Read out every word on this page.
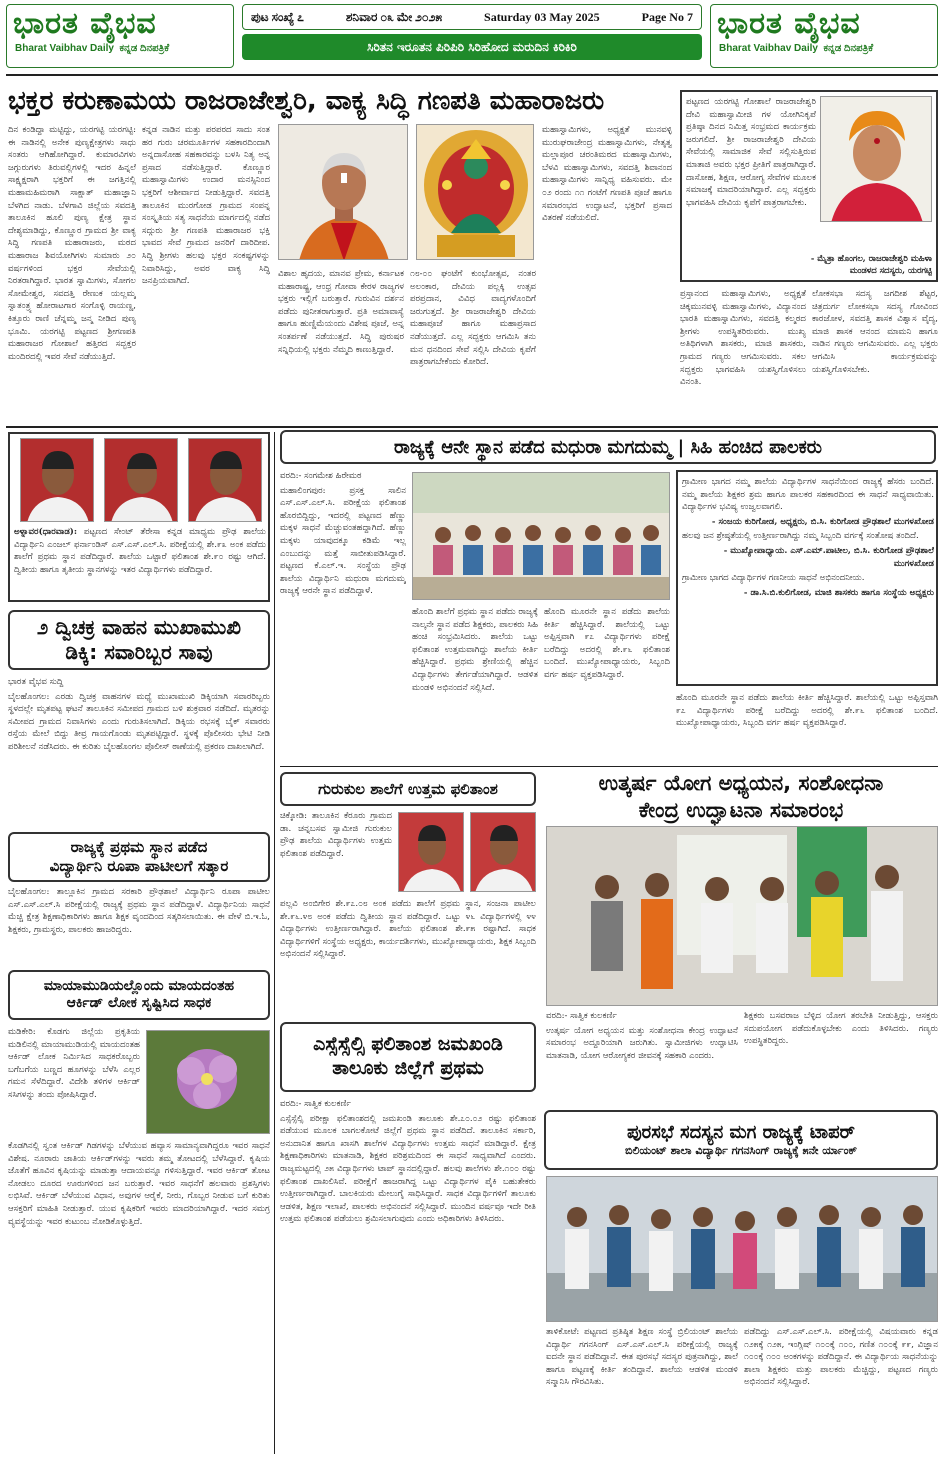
ಭಾರತ ವೈಭವ
Bharat Vaibhav Daily ಕನ್ನಡ ದಿನಪತ್ರಿಕೆ
ಪುಟ ಸಂಖ್ಯೆ ೭	ಶನಿವಾರ ೦೩ ಮೇ ೨೦೨೫	Saturday 03 May 2025	Page No 7
ಸಿರಿತನ ಇರೂತನ ಪಿರಿಪಿರಿ ಸಿರಿಹೋದ ಮರುದಿನ ಕಿರಿಕಿರಿ
ಭಾರತ ವೈಭವ
Bharat Vaibhav Daily ಕನ್ನಡ ದಿನಪತ್ರಿಕೆ
ಭಕ್ತರ ಕರುಣಾಮಯ ರಾಜರಾಜೇಶ್ವರಿ, ವಾಕ್ಯ ಸಿದ್ಧಿ ಗಣಪತಿ ಮಹಾರಾಜರು
ದಿನ ಕಂಡಿದ್ದಾ ಮಟ್ಟಿದ್ದು, ಯರಗಟ್ಟಿ ಯರಗಟ್ಟಿ: ಈ ನಾಡಿನಲ್ಲಿ ಅನೇಕ ಪುಣ್ಯಕ್ಷೇತ್ರಗಳು ಸಾಧು ಸಂತರು ಆಗಿಹೋಗಿದ್ದಾರೆ. ಕುಮಾರವಿಗಳು ಜಗ್ಗುರುಗಳು ತಿರುವಲ್ಲಿಗಳಲ್ಲಿ ಇದರ ಹಿನ್ನಲೆ ಸಾಕ್ಷ್ಯಕ್ಷರಾಗಿ ಭಕ್ತರಿಗೆ ಈ ಜಗತ್ತಿನಲ್ಲಿ ಮಹಾಮಹಿಮರಾಗಿ ಸಾಕ್ಷಾತ್ ಮಹಾಜ್ಞಾನಿ ಬೆಳಗಿದ ನಾಡು. ಬೆಳಗಾವಿ ಜಿಲ್ಲೆಯ ಸವದತ್ತಿ ತಾಲೂಕಿನ ಹೂಲಿ ಪುಣ್ಯ ಕ್ಷೇತ್ರ ಸ್ಥಾನ ದೇಶ್ಯಮಾಡಿದ್ದು, ಕೊಣ್ಣೂರ ಗ್ರಾಮದ ಶ್ರೀ ವಾಕ್ಯ ಸಿದ್ಧಿ ಗಣಪತಿ ಮಹಾರಾಜರು, ಮಠದ ಮಹಾರಾಜ ಶಿವಯೋಗಿಗಳು ಸುಮಾರು ೨೦ ವರ್ಷಗಳಿಂದ ಭಕ್ತರ ಸೇವೆಯಲ್ಲಿ ನಿರತರಾಗಿದ್ದಾರೆ. ಭಾರತ ಸ್ವಾಮಿಗಳು, ಸೋಗಲ ಸೋಮೇಶ್ವರ, ಸವದತ್ತಿ ರೇಣುಕ ಯಲ್ಲಮ್ಮ ಸ್ವಾತಂತ್ರ್ಯ ಹೋರಾಟಗಾರ ಸಂಗೊಳ್ಳಿ ರಾಯಣ್ಣ, ಕಿತ್ತೂರು ರಾಣಿ ಚೆನ್ನಮ್ಮ ಜನ್ಮ ನೀಡಿದ ಪುಣ್ಯ ಭೂಮಿ. ಯರಗಟ್ಟಿ ಪಟ್ಟಣದ ಶ್ರೀಗಣಪತಿ ಮಹಾರಾಜರ ಗೋಶಾಲೆ ಹತ್ತಿರದ ಸದ್ಭಕ್ತರ ಮಂದಿರದಲ್ಲಿ ಇವರ ಸೇವೆ ನಡೆಯುತ್ತಿದೆ.
ಕನ್ನಡ ನಾಡಿನ ಮತ್ತು ಪರಪರದ ಸಾದು ಸಂತ ಹರ ಗುರು ಚರಮೂರ್ತಿಗಳ ಸಹಕಾರದಿಂದಾಗಿ ಅನ್ನದಾಸೋಹ ಸಹಕಾರವನ್ನು ಬಳಸಿ ನಿತ್ಯ ಅನ್ನ ಪ್ರಸಾದ ನಡೆಸುತ್ತಿದ್ದಾರೆ. ಕೊಣ್ಣೂರ ಮಹಾಸ್ವಾಮಿಗಳು ಉದಾರ ಮನಸ್ಸಿನಿಂದ ಭಕ್ತರಿಗೆ ಆಶೀರ್ವಾದ ನೀಡುತ್ತಿದ್ದಾರೆ. ಸವದತ್ತಿ ತಾಲೂಕಿನ ಮುರಗೋಡ ಗ್ರಾಮದ ಸಂಪನ್ನ ಸಂಸ್ಕೃತಿಯ ಸತ್ಯ ಸಾಧನೆಯ ಮಾರ್ಗದಲ್ಲಿ ನಡೆದ ಸದ್ಗುರು ಶ್ರೀ ಗಣಪತಿ ಮಹಾರಾಜರ ಭಕ್ತಿ ಭಾವದ ಸೇವೆ ಗ್ರಾಮದ ಜನರಿಗೆ ದಾರಿದೀಪ. ಸಿದ್ಧಿ ಶ್ರೀಗಳು ಹಲವು ಭಕ್ತರ ಸಂಕಷ್ಟಗಳನ್ನು ನಿವಾರಿಸಿದ್ದು, ಅವರ ವಾಕ್ಯ ಸಿದ್ಧಿ ಜನಪ್ರಿಯವಾಗಿದೆ.
ವಿಶಾಲ ಹೃದಯ, ಮಾನವ ಪ್ರೇಮ, ಕರ್ನಾಟಕ ಮಹಾರಾಷ್ಟ್ರ, ಆಂಧ್ರ ಗೋವಾ ಕೇರಳ ರಾಜ್ಯಗಳ ಭಕ್ತರು ಇಲ್ಲಿಗೆ ಬರುತ್ತಾರೆ. ಗುರುವಿನ ದರ್ಶನ ಪಡೆದು ಪುನೀತರಾಗುತ್ತಾರೆ. ಪ್ರತಿ ಅಮಾವಾಸ್ಯೆ ಹಾಗೂ ಹುಣ್ಣಿಮೆಯಂದು ವಿಶೇಷ ಪೂಜೆ, ಅನ್ನ ಸಂತರ್ಪಣೆ ನಡೆಯುತ್ತದೆ. ಸಿದ್ಧಿ ಪುರುಷರ ಸನ್ನಿಧಿಯಲ್ಲಿ ಭಕ್ತರು ನೆಮ್ಮದಿ ಕಾಣುತ್ತಿದ್ದಾರೆ.
೧೮-೦೦ ಘಂಟೆಗೆ ಕುಂಭೋತ್ಸವ, ನಂತರ ಅಲಂಕಾರ, ದೇವಿಯ ಪಲ್ಲಕ್ಕಿ ಉತ್ಸವ ಪರಪ್ರದಾನ, ವಿವಿಧ ವಾದ್ಯಗಳೊಂದಿಗೆ ಜರುಗುತ್ತದೆ. ಶ್ರೀ ರಾಜರಾಜೇಶ್ವರಿ ದೇವಿಯ ಮಹಾಪೂಜೆ ಹಾಗೂ ಮಹಾಪ್ರಸಾದ ನಡೆಯುತ್ತದೆ. ಎಲ್ಲ ಸದ್ಭಕ್ತರು ಆಗಮಿಸಿ ತನು ಮನ ಧನದಿಂದ ಸೇವೆ ಸಲ್ಲಿಸಿ ದೇವಿಯ ಕೃಪೆಗೆ ಪಾತ್ರರಾಗಬೇಕೆಂದು ಕೋರಿದೆ.
ಮಹಾಸ್ವಾಮಿಗಳು, ಅಧ್ಯಕ್ಷತೆ ಮುನವಳ್ಳಿ ಮುರುಘರಾಜೇಂದ್ರ ಮಹಾಸ್ವಾಮಿಗಳು, ನೇತೃತ್ವ ಮಲ್ಲಾಪೂರ ಚರಂತಿಮಠದ ಮಹಾಸ್ವಾಮಿಗಳು, ಬೆಳವಿ ಮಹಾಸ್ವಾಮಿಗಳು, ಸವದತ್ತಿ ಶಿವಾನಂದ ಮಹಾಸ್ವಾಮಿಗಳು ಸಾನ್ನಿಧ್ಯ ವಹಿಸುವರು. ಮೇ ೦೨ ರಂದು ೧೧ ಗಂಟೆಗೆ ಗಣಪತಿ ಪೂಜೆ ಹಾಗೂ ಸಮಾರಂಭದ ಉದ್ಘಾಟನೆ, ಭಕ್ತರಿಗೆ ಪ್ರಸಾದ ವಿತರಣೆ ನಡೆಯಲಿದೆ.
ಪಟ್ಟಣದ ಯರಗಟ್ಟಿ ಗೋಶಾಲೆ ರಾಜರಾಜೇಶ್ವರಿ ದೇವಿ ಮಹಾಸ್ವಾಮೀಜಿ ಗಳ ಯೋಗಿನಿಕೃಪೆ ಪ್ರತಿಷ್ಠಾ ದಿನದ ನಿಮಿತ್ತ ಸಂಭ್ರಮದ ಕಾರ್ಯಕ್ರಮ ಜರುಗಲಿದೆ. ಶ್ರೀ ರಾಜರಾಜೇಶ್ವರಿ ದೇವಿಯ ಸೇವೆಯಲ್ಲಿ ಸಾಮಾಜಿಕ ಸೇವೆ ಸಲ್ಲಿಸುತ್ತಿರುವ ಮಾತಾಜಿ ಅವರು ಭಕ್ತರ ಪ್ರೀತಿಗೆ ಪಾತ್ರರಾಗಿದ್ದಾರೆ. ದಾಸೋಹ, ಶಿಕ್ಷಣ, ಆರೋಗ್ಯ ಸೇವೆಗಳ ಮೂಲಕ ಸಮಾಜಕ್ಕೆ ಮಾದರಿಯಾಗಿದ್ದಾರೆ. ಎಲ್ಲ ಸದ್ಭಕ್ತರು ಭಾಗವಹಿಸಿ ದೇವಿಯ ಕೃಪೆಗೆ ಪಾತ್ರರಾಗಬೇಕು.
- ಮೈತ್ರಾ ಹೊಂಗಲ, ರಾಜರಾಜೇಶ್ವರಿ ಮಹಿಳಾ
ಮಂಡಳದ ಸದಸ್ಯರು, ಯರಗಟ್ಟಿ
ಪ್ರಸ್ತಾನಂದ ಮಹಾಸ್ವಾಮಿಗಳು, ಅಧ್ಯಕ್ಷತೆ ಚಿಕ್ಕಮುನವಳ್ಳಿ ಮಹಾಸ್ವಾಮಿಗಳು, ವಿದ್ಯಾನಂದ ಭಾರತಿ ಮಹಾಸ್ವಾಮಿಗಳು, ಸವದತ್ತಿ ಕಲ್ಮಠದ ಶ್ರೀಗಳು ಉಪಸ್ಥಿತರಿರುವರು. ಮುಖ್ಯ ಅತಿಥಿಗಳಾಗಿ ಶಾಸಕರು, ಮಾಜಿ ಶಾಸಕರು, ಗ್ರಾಮದ ಗಣ್ಯರು ಆಗಮಿಸುವರು. ಸಕಲ ಸದ್ಭಕ್ತರು ಭಾಗವಹಿಸಿ ಯಶಸ್ವಿಗೊಳಿಸಲು ವಿನಂತಿ.
ಲೋಕಸಭಾ ಸದಸ್ಯ ಜಗದೀಶ ಶೆಟ್ಟರ, ಚಿತ್ರದುರ್ಗ ಲೋಕಸಭಾ ಸದಸ್ಯ ಗೋವಿಂದ ಕಾರಜೋಳ, ಸವದತ್ತಿ ಶಾಸಕ ವಿಶ್ವಾಸ ವೈದ್ಯ, ಮಾಜಿ ಶಾಸಕ ಆನಂದ ಮಾಮನಿ ಹಾಗೂ ನಾಡಿನ ಗಣ್ಯರು ಆಗಮಿಸುವರು. ಎಲ್ಲ ಭಕ್ತರು ಆಗಮಿಸಿ ಕಾರ್ಯಕ್ರಮವನ್ನು ಯಶಸ್ವಿಗೊಳಿಸಬೇಕು.
ಅಳ್ನಾವರ(ಧಾರವಾಡ): ಪಟ್ಟಣದ ಸೇಂಟ್ ತೆರೇಸಾ ಕನ್ನಡ ಮಾಧ್ಯಮ ಪ್ರೌಢ ಶಾಲೆಯ ವಿದ್ಯಾರ್ಥಿನಿ ಎಂಜಲ್ ಫರ್ನಾಂಡಿಸ್ ಎಸ್.ಎಸ್.ಎಲ್.ಸಿ. ಪರೀಕ್ಷೆಯಲ್ಲಿ ಶೇ.೯೩ ಅಂಕ ಪಡೆದು ಶಾಲೆಗೆ ಪ್ರಥಮ ಸ್ಥಾನ ಪಡೆದಿದ್ದಾರೆ. ಶಾಲೆಯ ಒಟ್ಟಾರೆ ಫಲಿತಾಂಶ ಶೇ.೯೦ ರಷ್ಟು ಆಗಿದೆ. ದ್ವಿತೀಯ ಹಾಗೂ ತೃತೀಯ ಸ್ಥಾನಗಳನ್ನು ಇತರ ವಿದ್ಯಾರ್ಥಿಗಳು ಪಡೆದಿದ್ದಾರೆ.
೨ ದ್ವಿಚಕ್ರ ವಾಹನ ಮುಖಾಮುಖಿ
ಡಿಕ್ಕಿ: ಸವಾರಿಬ್ಬರ ಸಾವು

ಭಾರತ ವೈಭವ ಸುದ್ದಿ

ಬೈಲಹೊಂಗಲ: ಎರಡು ದ್ವಿಚಕ್ರ ವಾಹನಗಳ ಮಧ್ಯೆ ಮುಖಾಮುಖಿ ಡಿಕ್ಕಿಯಾಗಿ ಸವಾರರಿಬ್ಬರು ಸ್ಥಳದಲ್ಲೇ ಮೃತಪಟ್ಟ ಘಟನೆ ತಾಲೂಕಿನ ಸಮೀಪದ ಗ್ರಾಮದ ಬಳಿ ಶುಕ್ರವಾರ ನಡೆದಿದೆ. ಮೃತರನ್ನು ಸಮೀಪದ ಗ್ರಾಮದ ನಿವಾಸಿಗಳು ಎಂದು ಗುರುತಿಸಲಾಗಿದೆ. ಡಿಕ್ಕಿಯ ರಭಸಕ್ಕೆ ಬೈಕ್ ಸವಾರರು ರಸ್ತೆಯ ಮೇಲೆ ಬಿದ್ದು ತೀವ್ರ ಗಾಯಗೊಂಡು ಮೃತಪಟ್ಟಿದ್ದಾರೆ. ಸ್ಥಳಕ್ಕೆ ಪೊಲೀಸರು ಭೇಟಿ ನೀಡಿ ಪರಿಶೀಲನೆ ನಡೆಸಿದರು. ಈ ಕುರಿತು ಬೈಲಹೊಂಗಲ ಪೊಲೀಸ್ ಠಾಣೆಯಲ್ಲಿ ಪ್ರಕರಣ ದಾಖಲಾಗಿದೆ.

ರಾಜ್ಯಕ್ಕೆ ಪ್ರಥಮ ಸ್ಥಾನ ಪಡೆದ
ವಿದ್ಯಾರ್ಥಿನಿ ರೂಪಾ ಪಾಟೀಲಗೆ ಸತ್ಕಾರ
ಬೈಲಹೊಂಗಲ: ತಾಲ್ಲೂಕಿನ ಗ್ರಾಮದ ಸರಕಾರಿ ಪ್ರೌಢಶಾಲೆ ವಿದ್ಯಾರ್ಥಿನಿ ರೂಪಾ ಪಾಟೀಲ ಎಸ್.ಎಸ್.ಎಲ್.ಸಿ ಪರೀಕ್ಷೆಯಲ್ಲಿ ರಾಜ್ಯಕ್ಕೆ ಪ್ರಥಮ ಸ್ಥಾನ ಪಡೆದಿದ್ದಾಳೆ. ವಿದ್ಯಾರ್ಥಿನಿಯ ಸಾಧನೆ ಮೆಚ್ಚಿ ಕ್ಷೇತ್ರ ಶಿಕ್ಷಣಾಧಿಕಾರಿಗಳು ಹಾಗೂ ಶಿಕ್ಷಕ ವೃಂದದಿಂದ ಸತ್ಕರಿಸಲಾಯಿತು. ಈ ವೇಳೆ ಬಿ.ಇ.ಓ, ಶಿಕ್ಷಕರು, ಗ್ರಾಮಸ್ಥರು, ಪಾಲಕರು ಹಾಜರಿದ್ದರು.
ಮಾಯಾಮುಡಿಯಲ್ಲೊಂದು ಮಾಯದಂತಹ
ಆರ್ಕಿಡ್ ಲೋಕ ಸೃಷ್ಟಿಸಿದ ಸಾಧಕ
ಮಡಿಕೇರಿ: ಕೊಡಗು ಜಿಲ್ಲೆಯ ಪ್ರಕೃತಿಯ ಮಡಿಲಿನಲ್ಲಿ ಮಾಯಾಮುಡಿಯಲ್ಲಿ ಮಾಯದಂತಹ ಆರ್ಕಿಡ್ ಲೋಕ ನಿರ್ಮಿಸಿದ ಸಾಧಕರೊಬ್ಬರು ಬಗೆಬಗೆಯ ಬಣ್ಣದ ಹೂಗಳನ್ನು ಬೆಳೆಸಿ ಎಲ್ಲರ ಗಮನ ಸೆಳೆದಿದ್ದಾರೆ. ವಿದೇಶಿ ತಳಿಗಳ ಆರ್ಕಿಡ್ ಸಸಿಗಳನ್ನು ತಂದು ಪೋಷಿಸಿದ್ದಾರೆ.
ಕೊಡಗಿನಲ್ಲಿ ಸ್ವಂತ ಆರ್ಕಿಡ್ ಗಿಡಗಳನ್ನು ಬೆಳೆಯುವ ಹವ್ಯಾಸ ಸಾಮಾನ್ಯವಾಗಿದ್ದರೂ ಇವರ ಸಾಧನೆ ವಿಶೇಷ. ನೂರಾರು ಜಾತಿಯ ಆರ್ಕಿಡ್‌ಗಳನ್ನು ಇವರು ತಮ್ಮ ತೋಟದಲ್ಲಿ ಬೆಳೆಸಿದ್ದಾರೆ. ಕೃಷಿಯ ಜೊತೆಗೆ ಹೂವಿನ ಕೃಷಿಯನ್ನು ಮಾಡುತ್ತಾ ಆದಾಯವನ್ನೂ ಗಳಿಸುತ್ತಿದ್ದಾರೆ. ಇವರ ಆರ್ಕಿಡ್ ತೋಟ ನೋಡಲು ದೂರದ ಊರುಗಳಿಂದ ಜನ ಬರುತ್ತಾರೆ. ಇವರ ಸಾಧನೆಗೆ ಹಲವಾರು ಪ್ರಶಸ್ತಿಗಳು ಲಭಿಸಿವೆ. ಆರ್ಕಿಡ್ ಬೆಳೆಯುವ ವಿಧಾನ, ಅವುಗಳ ಆರೈಕೆ, ನೀರು, ಗೊಬ್ಬರ ನೀಡುವ ಬಗೆ ಕುರಿತು ಆಸಕ್ತರಿಗೆ ಮಾಹಿತಿ ನೀಡುತ್ತಾರೆ. ಯುವ ಕೃಷಿಕರಿಗೆ ಇವರು ಮಾದರಿಯಾಗಿದ್ದಾರೆ. ಇದರ ಸಮಗ್ರ ವ್ಯವಸ್ಥೆಯನ್ನು ಇವರ ಕುಟುಂಬ ನೋಡಿಕೊಳ್ಳುತ್ತಿದೆ.
ರಾಜ್ಯಕ್ಕೆ ಆನೇ ಸ್ಥಾನ ಪಡೆದ ಮಧುರಾ ಮಗದುಮ್ಮ | ಸಿಹಿ ಹಂಚಿದ ಪಾಲಕರು

ವರದಿ:- ಸಂಗಮೇಶ ಹಿರೇಮಠ

ಮಹಾಲಿಂಗಪುರ: ಪ್ರಸಕ್ತ ಸಾಲಿನ ಎಸ್.ಎಸ್.ಎಲ್.ಸಿ. ಪರೀಕ್ಷೆಯ ಫಲಿತಾಂಶ ಹೊರಬಿದ್ದಿದ್ದು, ಇದರಲ್ಲಿ ಪಟ್ಟಣದ ಹೆಣ್ಣು ಮಕ್ಕಳ ಸಾಧನೆ ಮೆಚ್ಚುವಂತಹದ್ದಾಗಿದೆ. ಹೆಣ್ಣು ಮಕ್ಕಳು ಯಾವುದಕ್ಕೂ ಕಡಿಮೆ ಇಲ್ಲ ಎಂಬುದನ್ನು ಮತ್ತೆ ಸಾಬೀತುಪಡಿಸಿದ್ದಾರೆ. ಪಟ್ಟಣದ ಕೆ.ಎಲ್.ಇ. ಸಂಸ್ಥೆಯ ಪ್ರೌಢ ಶಾಲೆಯ ವಿದ್ಯಾರ್ಥಿನಿ ಮಧುರಾ ಮಗದುಮ್ಮ ರಾಜ್ಯಕ್ಕೆ ಆರನೇ ಸ್ಥಾನ ಪಡೆದಿದ್ದಾಳೆ.

ಹೊಂದಿ ಶಾಲೆಗೆ ಪ್ರಥಮ ಸ್ಥಾನ ಪಡೆದು ರಾಜ್ಯಕ್ಕೆ ನಾಲ್ಕನೇ ಸ್ಥಾನ ಪಡೆದ ಶಿಕ್ಷಕರು, ಪಾಲಕರು ಸಿಹಿ ಹಂಚಿ ಸಂಭ್ರಮಿಸಿದರು. ಶಾಲೆಯ ಒಟ್ಟು ಫಲಿತಾಂಶ ಉತ್ತಮವಾಗಿದ್ದು ಶಾಲೆಯ ಕೀರ್ತಿ ಹೆಚ್ಚಿಸಿದ್ದಾರೆ. ಪ್ರಥಮ ಶ್ರೇಣಿಯಲ್ಲಿ ಹೆಚ್ಚಿನ ವಿದ್ಯಾರ್ಥಿಗಳು ತೇರ್ಗಡೆಯಾಗಿದ್ದಾರೆ. ಆಡಳಿತ ಮಂಡಳಿ ಅಭಿನಂದನೆ ಸಲ್ಲಿಸಿದೆ.
ಹೊಂದಿ ಮೂರನೇ ಸ್ಥಾನ ಪಡೆದು ಶಾಲೆಯ ಕೀರ್ತಿ ಹೆಚ್ಚಿಸಿದ್ದಾರೆ. ಶಾಲೆಯಲ್ಲಿ ಒಟ್ಟು ಅಪ್ಪಿಸ್ತವಾಗಿ ೯೭ ವಿದ್ಯಾರ್ಥಿಗಳು ಪರೀಕ್ಷೆ ಬರೆದಿದ್ದು ಅದರಲ್ಲಿ ಶೇ.೯೬ ಫಲಿತಾಂಶ ಬಂದಿದೆ. ಮುಖ್ಯೋಪಾಧ್ಯಾಯರು, ಸಿಬ್ಬಂದಿ ವರ್ಗ ಹರ್ಷ ವ್ಯಕ್ತಪಡಿಸಿದ್ದಾರೆ.

ಗ್ರಾಮೀಣ ಭಾಗದ ನಮ್ಮ ಶಾಲೆಯ ವಿದ್ಯಾರ್ಥಿಗಳ ಸಾಧನೆಯಿಂದ ರಾಜ್ಯಕ್ಕೆ ಹೆಸರು ಬಂದಿದೆ. ನಮ್ಮ ಶಾಲೆಯ ಶಿಕ್ಷಕರ ಶ್ರಮ ಹಾಗೂ ಪಾಲಕರ ಸಹಕಾರದಿಂದ ಈ ಸಾಧನೆ ಸಾಧ್ಯವಾಯಿತು. ವಿದ್ಯಾರ್ಥಿಗಳ ಭವಿಷ್ಯ ಉಜ್ವಲವಾಗಲಿ.

- ಸಂಜಯ ಕುರಿಗೋಡ, ಅಧ್ಯಕ್ಷರು, ಬಿ.ಸಿ. ಕುರಿಗೋಡ ಪ್ರೌಢಶಾಲೆ ಮುಗಳಖೋಡ

ಹಲವು ಜನ ಶ್ರೇಷ್ಠತೆಯಲ್ಲಿ ಉತ್ತೀರ್ಣರಾಗಿದ್ದು ನಮ್ಮ ಸಿಬ್ಬಂದಿ ವರ್ಗಕ್ಕೆ ಸಂತೋಷ ತಂದಿದೆ.

- ಮುಖ್ಯೋಪಾಧ್ಯಾಯ. ಎಸ್.ಎಮ್.ಪಾಟೀಲ, ಬಿ.ಸಿ. ಕುರಿಗೋಡ ಪ್ರೌಢಶಾಲೆ ಮುಗಳಖೋಡ

ಗ್ರಾಮೀಣ ಭಾಗದ ವಿದ್ಯಾರ್ಥಿಗಳ ಗಣನೀಯ ಸಾಧನೆ ಅಭಿನಂದನೀಯ.

- ಡಾ.ಸಿ.ಬಿ.ಕುಲಿಗೋಡ, ಮಾಜಿ ಶಾಸಕರು ಹಾಗೂ ಸಂಸ್ಥೆಯ ಅಧ್ಯಕ್ಷರು

ಹೊಂದಿ ಮೂರನೇ ಸ್ಥಾನ ಪಡೆದು ಶಾಲೆಯ ಕೀರ್ತಿ ಹೆಚ್ಚಿಸಿದ್ದಾರೆ. ಶಾಲೆಯಲ್ಲಿ ಒಟ್ಟು ಅಪ್ಪಿಸ್ತವಾಗಿ ೯೭ ವಿದ್ಯಾರ್ಥಿಗಳು ಪರೀಕ್ಷೆ ಬರೆದಿದ್ದು ಅದರಲ್ಲಿ ಶೇ.೯೬ ಫಲಿತಾಂಶ ಬಂದಿದೆ. ಮುಖ್ಯೋಪಾಧ್ಯಾಯರು, ಸಿಬ್ಬಂದಿ ವರ್ಗ ಹರ್ಷ ವ್ಯಕ್ತಪಡಿಸಿದ್ದಾರೆ.
ಗುರುಕುಲ ಶಾಲೆಗೆ ಉತ್ತಮ ಫಲಿತಾಂಶ
ಚಿಕ್ಕೋಡಿ: ತಾಲೂಕಿನ ಕೆರೂರು ಗ್ರಾಮದ ಡಾ. ಚನ್ನಬಸವ ಸ್ವಾಮೀಜಿ ಗುರುಕುಲ ಪ್ರೌಢ ಶಾಲೆಯ ವಿದ್ಯಾರ್ಥಿಗಳು ಉತ್ತಮ ಫಲಿತಾಂಶ ಪಡೆದಿದ್ದಾರೆ.
ಪಲ್ಲವಿ ಅಂಬಿಗೇರ ಶೇ.೯೭.೦೮ ಅಂಕ ಪಡೆದು ಶಾಲೆಗೆ ಪ್ರಥಮ ಸ್ಥಾನ, ಸಂಜನಾ ಪಾಟೀಲ ಶೇ.೯೬.೪೮ ಅಂಕ ಪಡೆದು ದ್ವಿತೀಯ ಸ್ಥಾನ ಪಡೆದಿದ್ದಾರೆ. ಒಟ್ಟು ೪೬ ವಿದ್ಯಾರ್ಥಿಗಳಲ್ಲಿ ೪೪ ವಿದ್ಯಾರ್ಥಿಗಳು ಉತ್ತೀರ್ಣರಾಗಿದ್ದಾರೆ. ಶಾಲೆಯ ಫಲಿತಾಂಶ ಶೇ.೯೫ ರಷ್ಟಾಗಿದೆ. ಸಾಧಕ ವಿದ್ಯಾರ್ಥಿಗಳಿಗೆ ಸಂಸ್ಥೆಯ ಅಧ್ಯಕ್ಷರು, ಕಾರ್ಯದರ್ಶಿಗಳು, ಮುಖ್ಯೋಪಾಧ್ಯಾಯರು, ಶಿಕ್ಷಕ ಸಿಬ್ಬಂದಿ ಅಭಿನಂದನೆ ಸಲ್ಲಿಸಿದ್ದಾರೆ.
ಉತ್ಕರ್ಷ ಯೋಗ ಅಧ್ಯಯನ, ಸಂಶೋಧನಾ
ಕೇಂದ್ರ ಉದ್ಘಾಟನಾ ಸಮಾರಂಭ

ವರದಿ:- ಸಾತ್ವಿಕ ಕುಲಕರ್ಣಿ

ಉತ್ಕರ್ಷ ಯೋಗ ಅಧ್ಯಯನ ಮತ್ತು ಸಂಶೋಧನಾ ಕೇಂದ್ರ ಉದ್ಘಾಟನೆ ಸಮಾರಂಭ ಅದ್ದೂರಿಯಾಗಿ ಜರುಗಿತು. ಸ್ವಾಮೀಜಿಗಳು ಉದ್ಘಾಟಿಸಿ ಮಾತನಾಡಿ, ಯೋಗ ಆರೋಗ್ಯಕರ ಜೀವನಕ್ಕೆ ಸಹಕಾರಿ ಎಂದರು.

ಶಿಕ್ಷಕರು ಬಸವರಾಜ ಬೆಳ್ಳಿದ ಯೋಗ ತರಬೇತಿ ನೀಡುತ್ತಿದ್ದು, ಆಸಕ್ತರು ಸದುಪಯೋಗ ಪಡೆದುಕೊಳ್ಳಬೇಕು ಎಂದು ತಿಳಿಸಿದರು. ಗಣ್ಯರು ಉಪಸ್ಥಿತರಿದ್ದರು.
ಎಸ್ಸೆಸ್ಸೆಲ್ಸಿ ಫಲಿತಾಂಶ ಜಮಖಂಡಿ
ತಾಲೂಕು ಜಿಲ್ಲೆಗೆ ಪ್ರಥಮ

ವರದಿ:- ಸಾತ್ವಿಕ ಕುಲಕರ್ಣಿ

ಎಸ್ಸೆಸ್ಸೆಲ್ಸಿ ಪರೀಕ್ಷಾ ಫಲಿತಾಂಶದಲ್ಲಿ ಜಮಖಂಡಿ ತಾಲೂಕು ಶೇ.೭೦.೦೨ ರಷ್ಟು ಫಲಿತಾಂಶ ಪಡೆಯುವ ಮೂಲಕ ಬಾಗಲಕೋಟೆ ಜಿಲ್ಲೆಗೆ ಪ್ರಥಮ ಸ್ಥಾನ ಪಡೆದಿದೆ. ತಾಲೂಕಿನ ಸರ್ಕಾರಿ, ಅನುದಾನಿತ ಹಾಗೂ ಖಾಸಗಿ ಶಾಲೆಗಳ ವಿದ್ಯಾರ್ಥಿಗಳು ಉತ್ತಮ ಸಾಧನೆ ಮಾಡಿದ್ದಾರೆ. ಕ್ಷೇತ್ರ ಶಿಕ್ಷಣಾಧಿಕಾರಿಗಳು ಮಾತನಾಡಿ, ಶಿಕ್ಷಕರ ಪರಿಶ್ರಮದಿಂದ ಈ ಸಾಧನೆ ಸಾಧ್ಯವಾಗಿದೆ ಎಂದರು. ರಾಜ್ಯಮಟ್ಟದಲ್ಲಿ ೨೫ ವಿದ್ಯಾರ್ಥಿಗಳು ಟಾಪ್ ಸ್ಥಾನದಲ್ಲಿದ್ದಾರೆ. ಹಲವು ಶಾಲೆಗಳು ಶೇ.೧೦೦ ರಷ್ಟು ಫಲಿತಾಂಶ ದಾಖಲಿಸಿವೆ. ಪರೀಕ್ಷೆಗೆ ಹಾಜರಾಗಿದ್ದ ಒಟ್ಟು ವಿದ್ಯಾರ್ಥಿಗಳ ಪೈಕಿ ಬಹುತೇಕರು ಉತ್ತೀರ್ಣರಾಗಿದ್ದಾರೆ. ಬಾಲಕಿಯರು ಮೇಲುಗೈ ಸಾಧಿಸಿದ್ದಾರೆ. ಸಾಧಕ ವಿದ್ಯಾರ್ಥಿಗಳಿಗೆ ತಾಲೂಕು ಆಡಳಿತ, ಶಿಕ್ಷಣ ಇಲಾಖೆ, ಪಾಲಕರು ಅಭಿನಂದನೆ ಸಲ್ಲಿಸಿದ್ದಾರೆ. ಮುಂದಿನ ವರ್ಷವೂ ಇದೇ ರೀತಿ ಉತ್ತಮ ಫಲಿತಾಂಶ ಪಡೆಯಲು ಶ್ರಮಿಸಲಾಗುವುದು ಎಂದು ಅಧಿಕಾರಿಗಳು ತಿಳಿಸಿದರು.

ಪುರಸಭೆ ಸದಸ್ಯನ ಮಗ ರಾಜ್ಯಕ್ಕೆ ಟಾಪರ್
ಬಿಲಿಯಂಟ್ ಶಾಲಾ ವಿದ್ಯಾರ್ಥಿ ಗಗನಸಿಂಗ್ ರಾಜ್ಯಕ್ಕೆ ೫ನೇ ರ್ಯಾಂಕ್
ತಾಳಿಕೋಟೆ: ಪಟ್ಟಣದ ಪ್ರತಿಷ್ಠಿತ ಶಿಕ್ಷಣ ಸಂಸ್ಥೆ ಬ್ರಿಲಿಯಂಟ್ ಶಾಲೆಯ ವಿದ್ಯಾರ್ಥಿ ಗಗನಸಿಂಗ್ ಎಸ್.ಎಸ್.ಎಲ್.ಸಿ ಪರೀಕ್ಷೆಯಲ್ಲಿ ರಾಜ್ಯಕ್ಕೆ ಐದನೇ ಸ್ಥಾನ ಪಡೆದಿದ್ದಾನೆ. ಈತ ಪುರಸಭೆ ಸದಸ್ಯರ ಪುತ್ರನಾಗಿದ್ದು, ಶಾಲೆ ಹಾಗೂ ಪಟ್ಟಣಕ್ಕೆ ಕೀರ್ತಿ ತಂದಿದ್ದಾನೆ. ಶಾಲೆಯ ಆಡಳಿತ ಮಂಡಳಿ ಸನ್ಮಾನಿಸಿ ಗೌರವಿಸಿತು.
ಪಡೆದಿದ್ದು ಎಸ್.ಎಸ್.ಎಲ್.ಸಿ. ಪರೀಕ್ಷೆಯಲ್ಲಿ ವಿಷಯವಾರು ಕನ್ನಡ ೧೨೫ಕ್ಕೆ ೧೨೫, ಇಂಗ್ಲಿಷ್ ೧೦೦ಕ್ಕೆ ೧೦೦, ಗಣಿತ ೧೦೦ಕ್ಕೆ ೯೯, ವಿಜ್ಞಾನ ೧೦೦ಕ್ಕೆ ೧೦೦ ಅಂಕಗಳನ್ನು ಪಡೆದಿದ್ದಾನೆ. ಈ ವಿದ್ಯಾರ್ಥಿಯ ಸಾಧನೆಯನ್ನು ಶಾಲಾ ಶಿಕ್ಷಕರು ಮತ್ತು ಪಾಲಕರು ಮೆಚ್ಚಿದ್ದು, ಪಟ್ಟಣದ ಗಣ್ಯರು ಅಭಿನಂದನೆ ಸಲ್ಲಿಸಿದ್ದಾರೆ.
